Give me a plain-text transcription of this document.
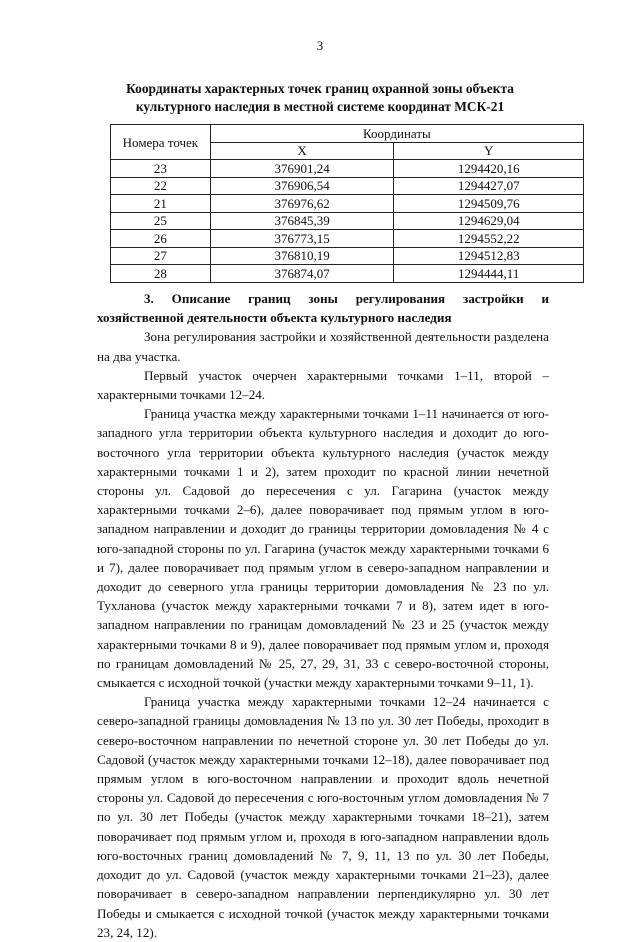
3
Координаты характерных точек границ охранной зоны объекта
культурного наследия в местной системе координат МСК-21
Номера точек	Координаты	
	X	Y
23	376901,24	1294420,16
22	376906,54	1294427,07
21	376976,62	1294509,76
25	376845,39	1294629,04
26	376773,15	1294552,22
27	376810,19	1294512,83
28	376874,07	1294444,11

3. Описание границ зоны регулирования застройки и хозяйственной деятельности объекта культурного наследия

Зона регулирования застройки и хозяйственной деятельности разделена на два участка.

Первый участок очерчен характерными точками 1–11, второй – характерными точками 12–24.

Граница участка между характерными точками 1–11 начинается от юго-западного угла территории объекта культурного наследия и доходит до юго-восточного угла территории объекта культурного наследия (участок между характерными точками 1 и 2), затем проходит по красной линии нечетной стороны ул. Садовой до пересечения с ул. Гагарина (участок между характерными точками 2–6), далее поворачивает под прямым углом в юго-западном направлении и доходит до границы территории домовладения № 4 с юго-западной стороны по ул. Гагарина (участок между характерными точками 6 и 7), далее поворачивает под прямым углом в северо-западном направлении и доходит до северного угла границы территории домовладения № 23 по ул. Тухланова (участок между характерными точками 7 и 8), затем идет в юго-западном направлении по границам домовладений № 23 и 25 (участок между характерными точками 8 и 9), далее поворачивает под прямым углом и, проходя по границам домовладений № 25, 27, 29, 31, 33 с северо-восточной стороны, смыкается с исходной точкой (участки между характерными точками 9–11, 1).

Граница участка между характерными точками 12–24 начинается с северо-западной границы домовладения № 13 по ул. 30 лет Победы, проходит в северо-восточном направлении по нечетной стороне ул. 30 лет Победы до ул. Садовой (участок между характерными точками 12–18), далее поворачивает под прямым углом в юго-восточном направлении и проходит вдоль нечетной стороны ул. Садовой до пересечения с юго-восточным углом домовладения № 7 по ул. 30 лет Победы (участок между характерными точками 18–21), затем поворачивает под прямым углом и, проходя в юго-западном направлении вдоль юго-восточных границ домовладений № 7, 9, 11, 13 по ул. 30 лет Победы, доходит до ул. Садовой (участок между характерными точками 21–23), далее поворачивает в северо-западном направлении перпендикулярно ул. 30 лет Победы и смыкается с исходной точкой (участок между характерными точками 23, 24, 12).
